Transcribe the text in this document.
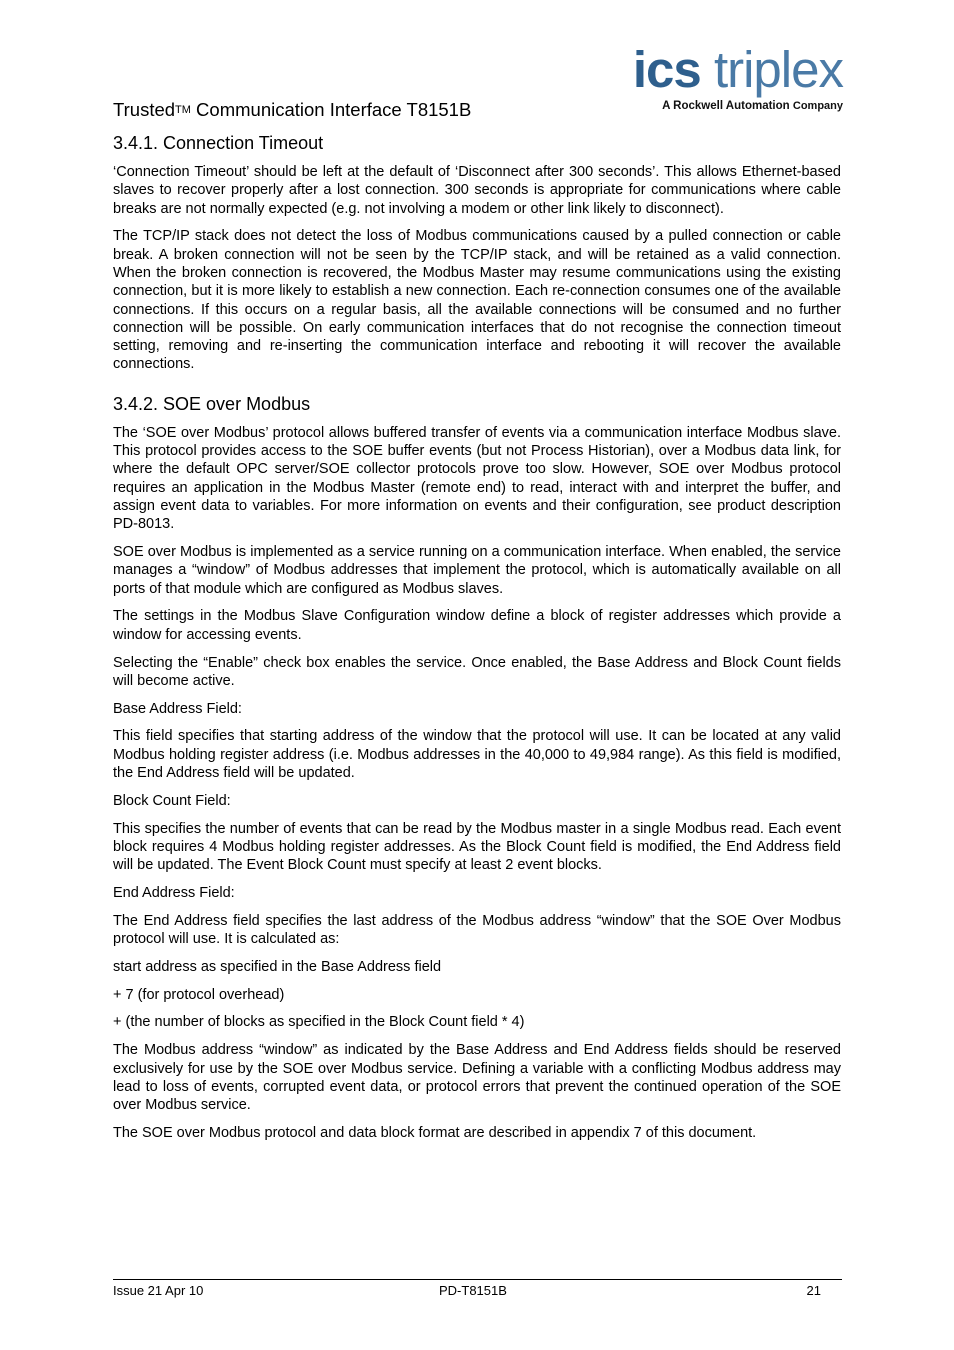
Trusted™ Communication Interface T8151B
ics triplex
A Rockwell Automation Company
3.4.1. Connection Timeout

‘Connection Timeout’ should be left at the default of ‘Disconnect after 300 seconds’. This allows Ethernet-based slaves to recover properly after a lost connection. 300 seconds is appropriate for communications where cable breaks are not normally expected (e.g. not involving a modem or other link likely to disconnect).

The TCP/IP stack does not detect the loss of Modbus communications caused by a pulled connection or cable break. A broken connection will not be seen by the TCP/IP stack, and will be retained as a valid connection. When the broken connection is recovered, the Modbus Master may resume communications using the existing connection, but it is more likely to establish a new connection. Each re-connection consumes one of the available connections. If this occurs on a regular basis, all the available connections will be consumed and no further connection will be possible. On early communication interfaces that do not recognise the connection timeout setting, removing and re-inserting the communication interface and rebooting it will recover the available connections.

3.4.2. SOE over Modbus

The ‘SOE over Modbus’ protocol allows buffered transfer of events via a communication interface Modbus slave. This protocol provides access to the SOE buffer events (but not Process Historian), over a Modbus data link, for where the default OPC server/SOE collector protocols prove too slow. However, SOE over Modbus protocol requires an application in the Modbus Master (remote end) to read, interact with and interpret the buffer, and assign event data to variables. For more information on events and their configuration, see product description PD-8013.

SOE over Modbus is implemented as a service running on a communication interface. When enabled, the service manages a “window” of Modbus addresses that implement the protocol, which is automatically available on all ports of that module which are configured as Modbus slaves.

The settings in the Modbus Slave Configuration window define a block of register addresses which provide a window for accessing events.

Selecting the “Enable” check box enables the service. Once enabled, the Base Address and Block Count fields will become active.

Base Address Field:

This field specifies that starting address of the window that the protocol will use. It can be located at any valid Modbus holding register address (i.e. Modbus addresses in the 40,000 to 49,984 range). As this field is modified, the End Address field will be updated.

Block Count Field:

This specifies the number of events that can be read by the Modbus master in a single Modbus read. Each event block requires 4 Modbus holding register addresses. As the Block Count field is modified, the End Address field will be updated. The Event Block Count must specify at least 2 event blocks.

End Address Field:

The End Address field specifies the last address of the Modbus address “window” that the SOE Over Modbus protocol will use. It is calculated as:

start address as specified in the Base Address field

+ 7 (for protocol overhead)

+ (the number of blocks as specified in the Block Count field * 4)

The Modbus address “window” as indicated by the Base Address and End Address fields should be reserved exclusively for use by the SOE over Modbus service. Defining a variable with a conflicting Modbus address may lead to loss of events, corrupted event data, or protocol errors that prevent the continued operation of the SOE over Modbus service.

The SOE over Modbus protocol and data block format are described in appendix 7 of this document.

Issue 21 Apr 10	PD-T8151B	21
